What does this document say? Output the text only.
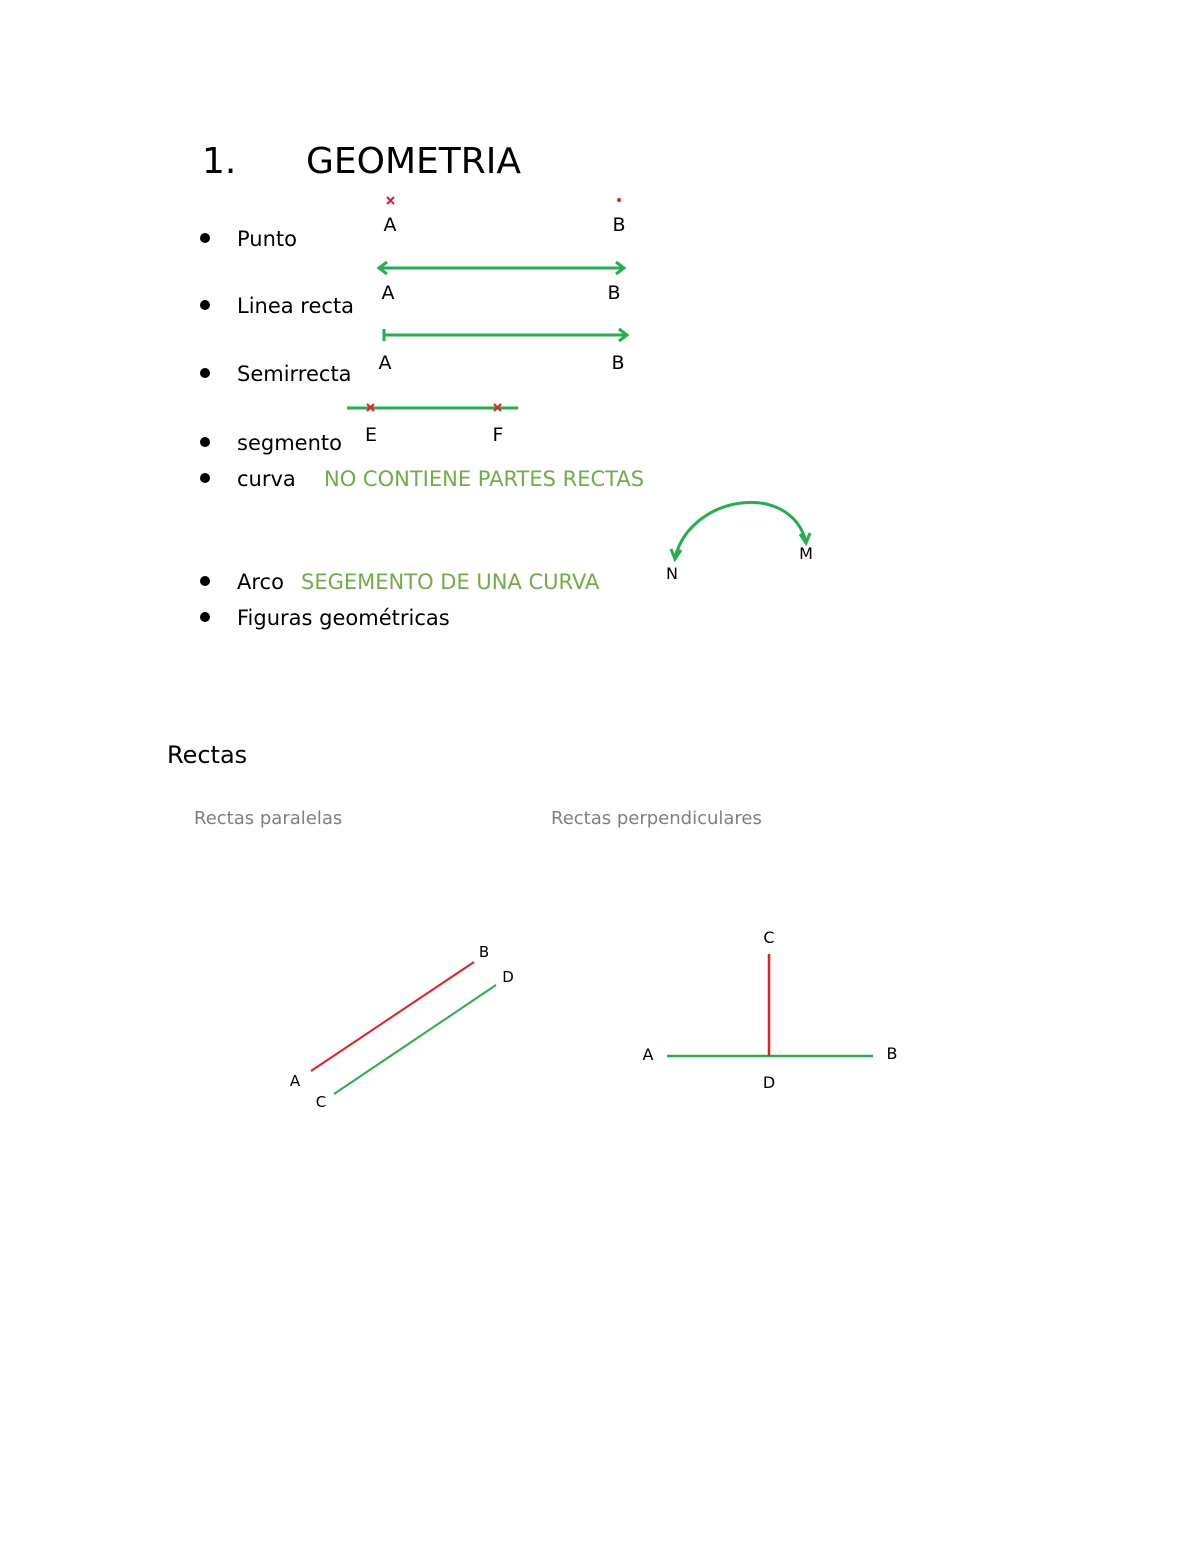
1. GEOMETRIA
Punto
Linea recta
Semirrecta
segmento
curva NO CONTIENE PARTES RECTAS
Arco SEGEMENTO DE UNA CURVA
Figuras geométricas
A	B
A	B
A	B
E	F
N
M
A
B
C
D
A	B
C
D
Rectas
Rectas paralelas	Rectas perpendiculares
